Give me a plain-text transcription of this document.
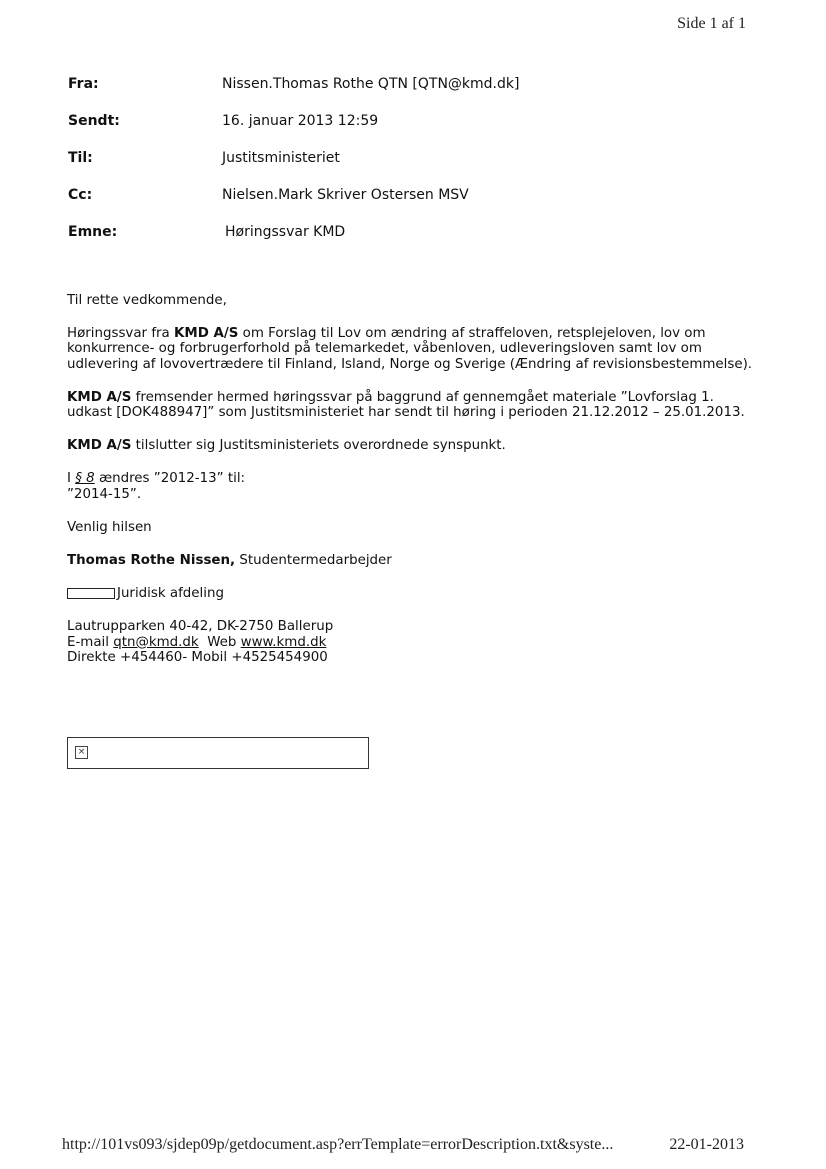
Side 1 af 1
Fra:	Nissen.Thomas Rothe QTN [QTN@kmd.dk]
Sendt:	16. januar 2013 12:59
Til:	Justitsministeriet
Cc:	Nielsen.Mark Skriver Ostersen MSV
Emne:	Høringssvar KMD

Til rette vedkommende,

Høringssvar fra KMD A/S om Forslag til Lov om ændring af straffeloven, retsplejeloven, lov om konkurrence- og forbrugerforhold på telemarkedet, våbenloven, udleveringsloven samt lov om udlevering af lovovertrædere til Finland, Island, Norge og Sverige (Ændring af revisionsbestemmelse).

KMD A/S fremsender hermed høringssvar på baggrund af gennemgået materiale ”Lovforslag 1. udkast [DOK488947]” som Justitsministeriet har sendt til høring i perioden 21.12.2012 – 25.01.2013.

KMD A/S tilslutter sig Justitsministeriets overordnede synspunkt.

I § 8 ændres ”2012-13” til:
”2014-15”.

Venlig hilsen

Thomas Rothe Nissen, Studentermedarbejder

Juridisk afdeling

Lautrupparken 40-42, DK-2750 Ballerup
E-mail qtn@kmd.dk  Web www.kmd.dk
Direkte +454460- Mobil +4525454900

×
http://101vs093/sjdep09p/getdocument.asp?errTemplate=errorDescription.txt&syste...	22-01-2013
